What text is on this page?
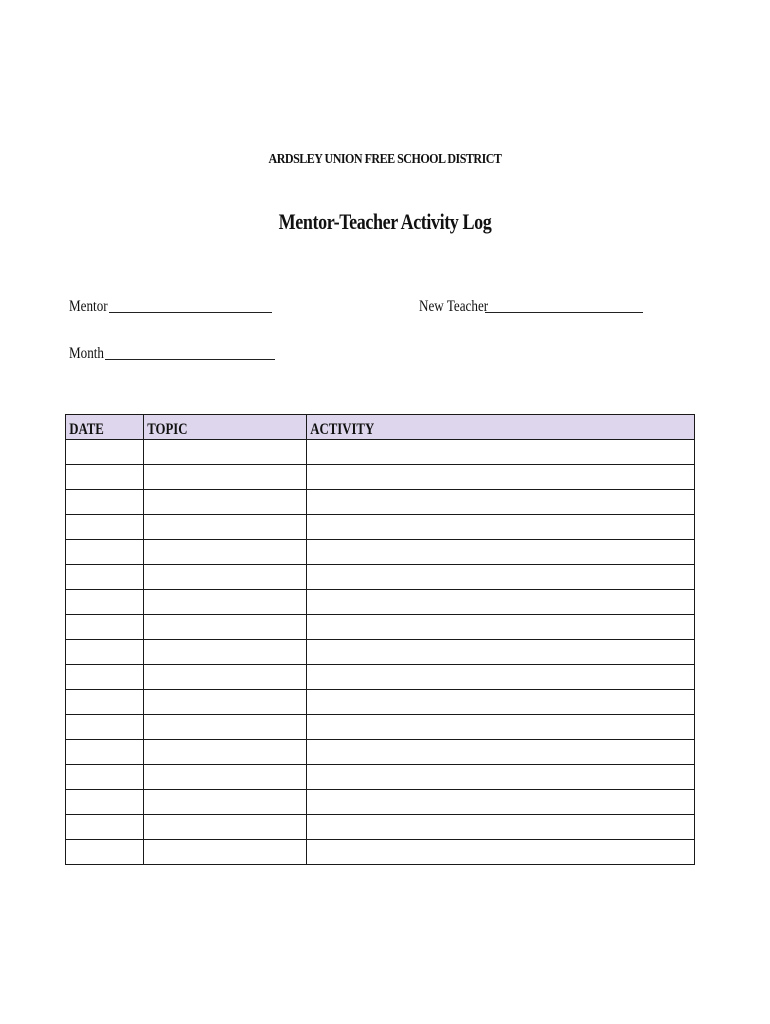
ARDSLEY UNION FREE SCHOOL DISTRICT
Mentor-Teacher Activity Log
Mentor	New Teacher
Month
DATE	TOPIC	ACTIVITY
